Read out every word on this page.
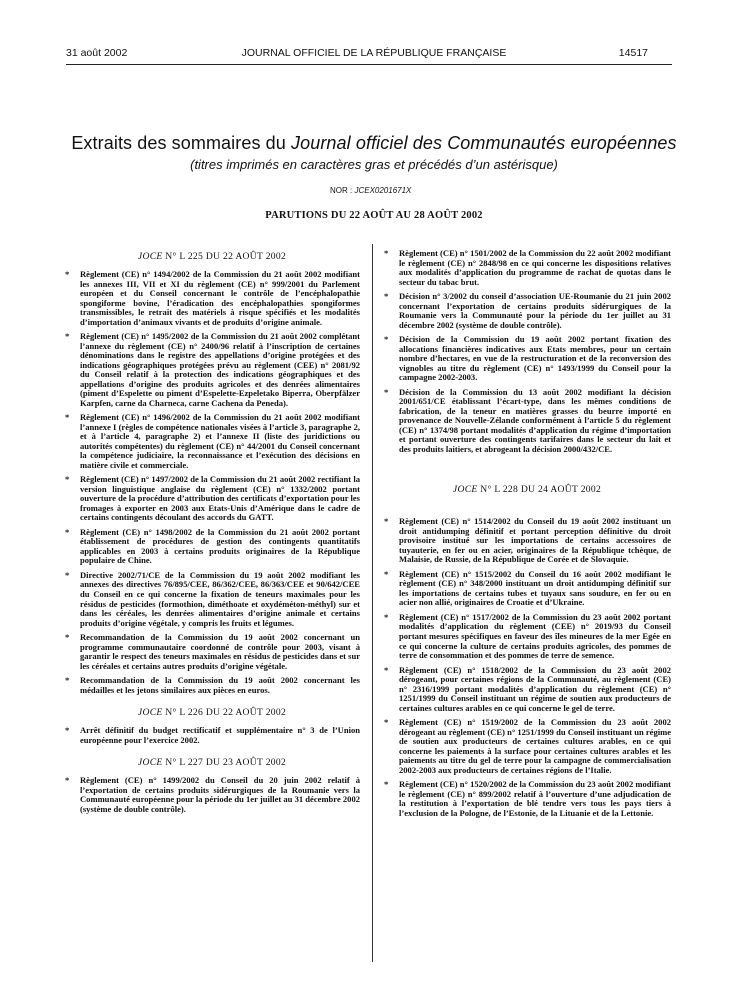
31 août 2002	JOURNAL OFFICIEL DE LA RÉPUBLIQUE FRANÇAISE	14517
Extraits des sommaires du Journal officiel des Communautés européennes
(titres imprimés en caractères gras et précédés d’un astérisque)
NOR : JCEX0201671X
PARUTIONS DU 22 AOÛT AU 28 AOÛT 2002
JOCE N° L 225 DU 22 AOÛT 2002
* Règlement (CE) n° 1494/2002 de la Commission du 21 août 2002 modifiant les annexes III, VII et XI du règlement (CE) n° 999/2001 du Parlement européen et du Conseil concernant le contrôle de l’encéphalopathie spongiforme bovine, l’éradication des encéphalopathies spongiformes transmissibles, le retrait des matériels à risque spécifiés et les modalités d’importation d’animaux vivants et de produits d’origine animale.
* Règlement (CE) n° 1495/2002 de la Commission du 21 août 2002 complétant l’annexe du règlement (CE) n° 2400/96 relatif à l’inscription de certaines dénominations dans le registre des appellations d’origine protégées et des indications géographiques protégées prévu au règlement (CEE) n° 2081/92 du Conseil relatif à la protection des indications géographiques et des appellations d’origine des produits agricoles et des denrées alimentaires (piment d’Espelette ou piment d’Espelette-Ezpeletako Biperra, Oberpfälzer Karpfen, carne da Charneca, carne Cachena da Peneda).
* Règlement (CE) n° 1496/2002 de la Commission du 21 août 2002 modifiant l’annexe I (règles de compétence nationales visées à l’article 3, paragraphe 2, et à l’article 4, paragraphe 2) et l’annexe II (liste des juridictions ou autorités compétentes) du règlement (CE) n° 44/2001 du Conseil concernant la compétence judiciaire, la reconnaissance et l’exécution des décisions en matière civile et commerciale.
* Règlement (CE) n° 1497/2002 de la Commission du 21 août 2002 rectifiant la version linguistique anglaise du règlement (CE) n° 1332/2002 portant ouverture de la procédure d’attribution des certificats d’exportation pour les fromages à exporter en 2003 aux Etats-Unis d’Amérique dans le cadre de certains contingents découlant des accords du GATT.
* Règlement (CE) n° 1498/2002 de la Commission du 21 août 2002 portant établissement de procédures de gestion des contingents quantitatifs applicables en 2003 à certains produits originaires de la République populaire de Chine.
* Directive 2002/71/CE de la Commission du 19 août 2002 modifiant les annexes des directives 76/895/CEE, 86/362/CEE, 86/363/CEE et 90/642/CEE du Conseil en ce qui concerne la fixation de teneurs maximales pour les résidus de pesticides (formothion, diméthoate et oxydéméton-méthyl) sur et dans les céréales, les denrées alimentaires d’origine animale et certains produits d’origine végétale, y compris les fruits et légumes.
* Recommandation de la Commission du 19 août 2002 concernant un programme communautaire coordonné de contrôle pour 2003, visant à garantir le respect des teneurs maximales en résidus de pesticides dans et sur les céréales et certains autres produits d’origine végétale.
* Recommandation de la Commission du 19 août 2002 concernant les médailles et les jetons similaires aux pièces en euros.
JOCE N° L 226 DU 22 AOÛT 2002
* Arrêt définitif du budget rectificatif et supplémentaire n° 3 de l’Union européenne pour l’exercice 2002.
JOCE N° L 227 DU 23 AOÛT 2002
* Règlement (CE) n° 1499/2002 du Conseil du 20 juin 2002 relatif à l’exportation de certains produits sidérurgiques de la Roumanie vers la Communauté européenne pour la période du 1er juillet au 31 décembre 2002 (système de double contrôle).
* Règlement (CE) n° 1501/2002 de la Commission du 22 août 2002 modifiant le règlement (CE) n° 2848/98 en ce qui concerne les dispositions relatives aux modalités d’application du programme de rachat de quotas dans le secteur du tabac brut.
* Décision n° 3/2002 du conseil d’association UE-Roumanie du 21 juin 2002 concernant l’exportation de certains produits sidérurgiques de la Roumanie vers la Communauté pour la période du 1er juillet au 31 décembre 2002 (système de double contrôle).
* Décision de la Commission du 19 août 2002 portant fixation des allocations financières indicatives aux Etats membres, pour un certain nombre d’hectares, en vue de la restructuration et de la reconversion des vignobles au titre du règlement (CE) n° 1493/1999 du Conseil pour la campagne 2002-2003.
* Décision de la Commission du 13 août 2002 modifiant la décision 2001/651/CE établissant l’écart-type, dans les mêmes conditions de fabrication, de la teneur en matières grasses du beurre importé en provenance de Nouvelle-Zélande conformément à l’article 5 du règlement (CE) n° 1374/98 portant modalités d’application du régime d’importation et portant ouverture des contingents tarifaires dans le secteur du lait et des produits laitiers, et abrogeant la décision 2000/432/CE.
JOCE N° L 228 DU 24 AOÛT 2002
* Règlement (CE) n° 1514/2002 du Conseil du 19 août 2002 instituant un droit antidumping définitif et portant perception définitive du droit provisoire institué sur les importations de certains accessoires de tuyauterie, en fer ou en acier, originaires de la République tchèque, de Malaisie, de Russie, de la République de Corée et de Slovaquie.
* Règlement (CE) n° 1515/2002 du Conseil du 16 août 2002 modifiant le règlement (CE) n° 348/2000 instituant un droit antidumping définitif sur les importations de certains tubes et tuyaux sans soudure, en fer ou en acier non allié, originaires de Croatie et d’Ukraine.
* Règlement (CE) n° 1517/2002 de la Commission du 23 août 2002 portant modalités d’application du règlement (CEE) n° 2019/93 du Conseil portant mesures spécifiques en faveur des îles mineures de la mer Egée en ce qui concerne la culture de certains produits agricoles, des pommes de terre de consommation et des pommes de terre de semence.
* Règlement (CE) n° 1518/2002 de la Commission du 23 août 2002 dérogeant, pour certaines régions de la Communauté, au règlement (CE) n° 2316/1999 portant modalités d’application du règlement (CE) n° 1251/1999 du Conseil instituant un régime de soutien aux producteurs de certaines cultures arables en ce qui concerne le gel de terre.
* Règlement (CE) n° 1519/2002 de la Commission du 23 août 2002 dérogeant au règlement (CE) n° 1251/1999 du Conseil instituant un régime de soutien aux producteurs de certaines cultures arables, en ce qui concerne les paiements à la surface pour certaines cultures arables et les paiements au titre du gel de terre pour la campagne de commercialisation 2002-2003 aux producteurs de certaines régions de l’Italie.
* Règlement (CE) n° 1520/2002 de la Commission du 23 août 2002 modifiant le règlement (CE) n° 899/2002 relatif à l’ouverture d’une adjudication de la restitution à l’exportation de blé tendre vers tous les pays tiers à l’exclusion de la Pologne, de l’Estonie, de la Lituanie et de la Lettonie.
